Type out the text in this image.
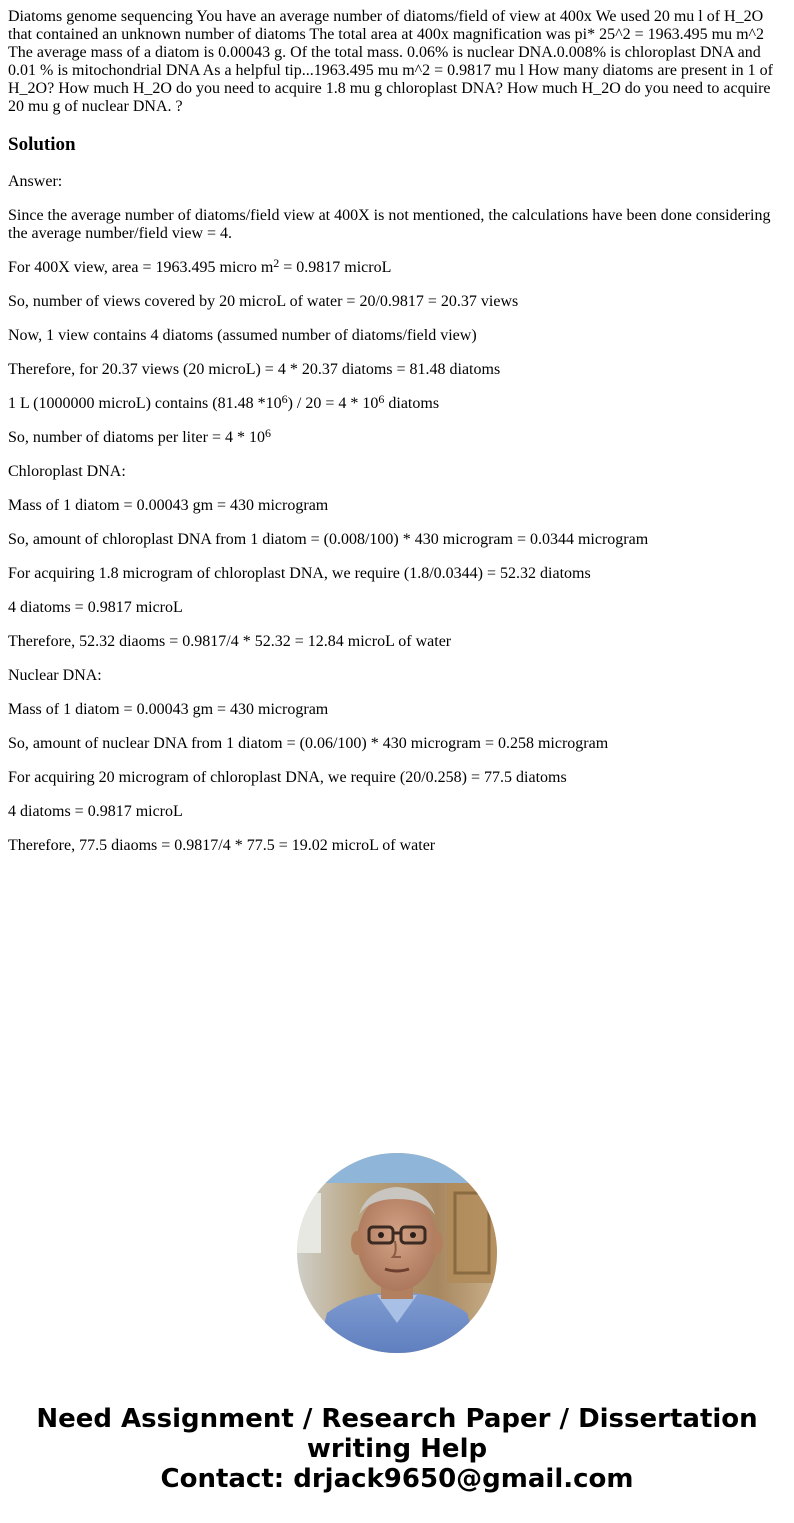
Diatoms genome sequencing You have an average number of diatoms/field of view at 400x We used 20 mu l of H_2O that contained an unknown number of diatoms The total area at 400x magnification was pi* 25^2 = 1963.495 mu m^2 The average mass of a diatom is 0.00043 g. Of the total mass. 0.06% is nuclear DNA.0.008% is chloroplast DNA and 0.01 % is mitochondrial DNA As a helpful tip...1963.495 mu m^2 = 0.9817 mu l How many diatoms are present in 1 of H_2O? How much H_2O do you need to acquire 1.8 mu g chloroplast DNA? How much H_2O do you need to acquire 20 mu g of nuclear DNA. ?

Solution

Answer:

Since the average number of diatoms/field view at 400X is not mentioned, the calculations have been done considering the average number/field view = 4.

For 400X view, area = 1963.495 micro $m^2 = 0.9817$ microL

So, number of views covered by 20 microL of water = 20/0.9817 = 20.37 views

Now, 1 view contains 4 diatoms (assumed number of diatoms/field view)

Therefore, for 20.37 views (20 microL) = 4 * 20.37 diatoms = 81.48 diatoms

1 L (1000000 microL) contains (81.48 $*10^6) / 20 = 4 * 10^6$ diatoms

So, number of diatoms per liter = $4 * 10^6$

Chloroplast DNA:

Mass of 1 diatom = 0.00043 gm = 430 microgram

So, amount of chloroplast DNA from 1 diatom = (0.008/100) * 430 microgram = 0.0344 microgram

For acquiring 1.8 microgram of chloroplast DNA, we require (1.8/0.0344) = 52.32 diatoms

4 diatoms = 0.9817 microL

Therefore, 52.32 diaoms = 0.9817/4 * 52.32 = 12.84 microL of water

Nuclear DNA:

Mass of 1 diatom = 0.00043 gm = 430 microgram

So, amount of nuclear DNA from 1 diatom = (0.06/100) * 430 microgram = 0.258 microgram

For acquiring 20 microgram of chloroplast DNA, we require (20/0.258) = 77.5 diatoms

4 diatoms = 0.9817 microL

Therefore, 77.5 diaoms = 0.9817/4 * 77.5 = 19.02 microL of water

Need Assignment / Research Paper / Dissertation
writing Help
Contact: drjack9650@gmail.com
